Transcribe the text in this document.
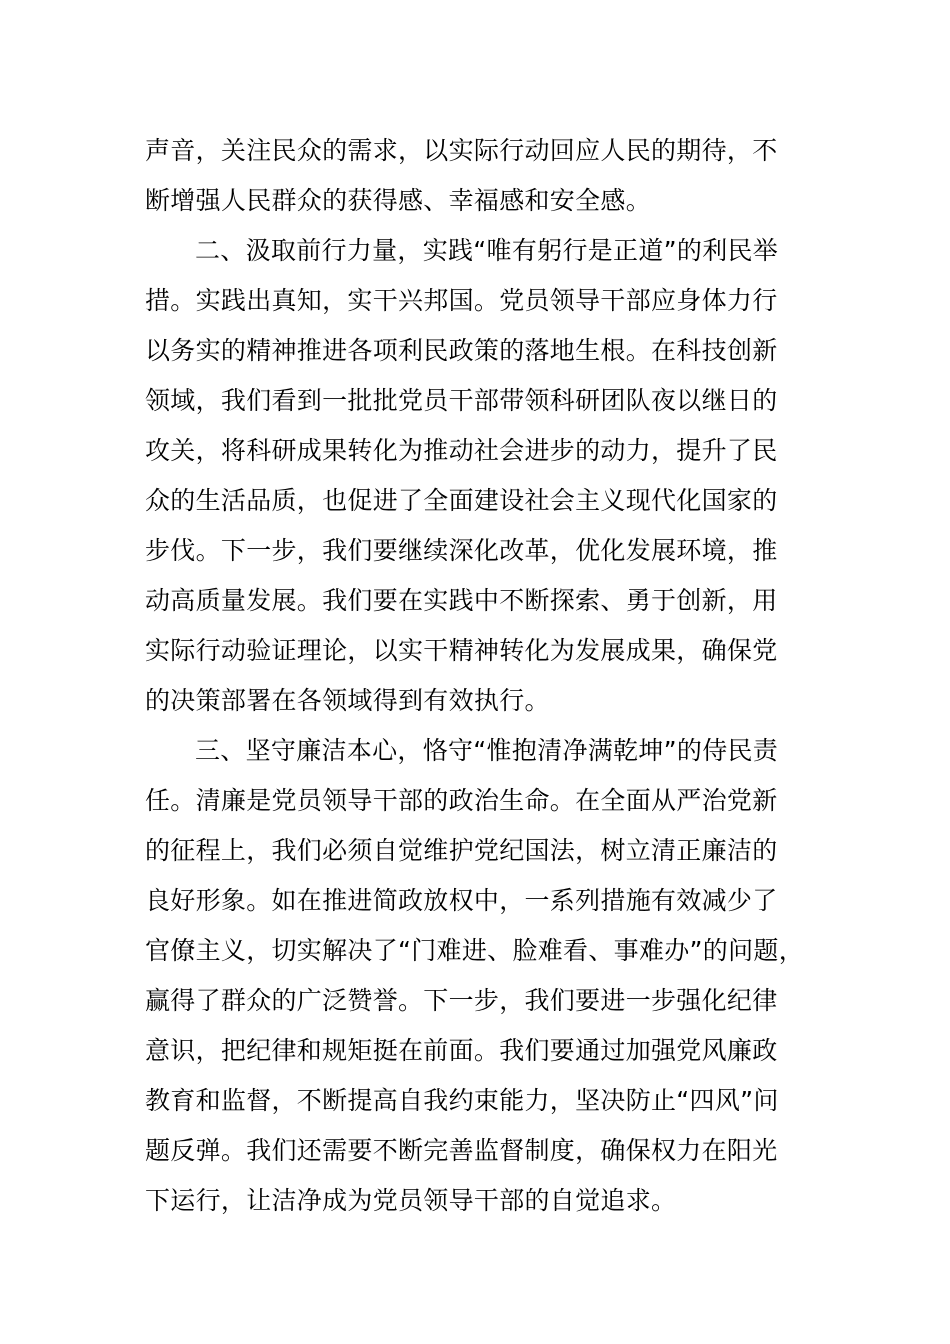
声音，关注民众的需求，以实际行动回应人民的期待，不
断增强人民群众的获得感、幸福感和安全感。
二、汲取前行力量，实践“唯有躬行是正道”的利民举
措。实践出真知，实干兴邦国。党员领导干部应身体力行
以务实的精神推进各项利民政策的落地生根。在科技创新
领域，我们看到一批批党员干部带领科研团队夜以继日的
攻关，将科研成果转化为推动社会进步的动力，提升了民
众的生活品质，也促进了全面建设社会主义现代化国家的
步伐。下一步，我们要继续深化改革，优化发展环境，推
动高质量发展。我们要在实践中不断探索、勇于创新，用
实际行动验证理论，以实干精神转化为发展成果，确保党
的决策部署在各领域得到有效执行。
三、坚守廉洁本心，恪守“惟抱清净满乾坤”的侍民责
任。清廉是党员领导干部的政治生命。在全面从严治党新
的征程上，我们必须自觉维护党纪国法，树立清正廉洁的
良好形象。如在推进简政放权中，一系列措施有效减少了
官僚主义，切实解决了“门难进、脸难看、事难办”的问题，
赢得了群众的广泛赞誉。下一步，我们要进一步强化纪律
意识，把纪律和规矩挺在前面。我们要通过加强党风廉政
教育和监督，不断提高自我约束能力，坚决防止“四风”问
题反弹。我们还需要不断完善监督制度，确保权力在阳光
下运行，让洁净成为党员领导干部的自觉追求。
